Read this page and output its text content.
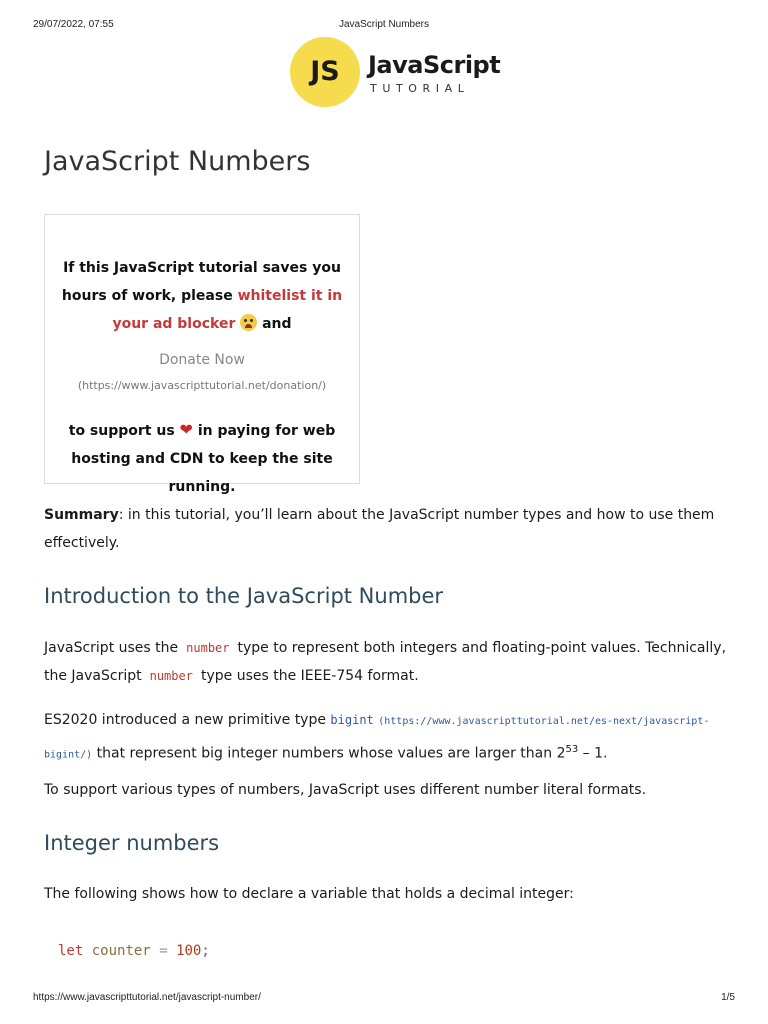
29/07/2022, 07:55	JavaScript Numbers
JS	JavaScript
TUTORIAL
JavaScript Numbers
If this JavaScript tutorial saves you
hours of work, please whitelist it in
your ad blocker  and
Donate Now
(https://www.javascripttutorial.net/donation/)
to support us ❤ in paying for web
hosting and CDN to keep the site
running.

Summary: in this tutorial, you’ll learn about the JavaScript number types and how to use them effectively.

Introduction to the JavaScript Number

JavaScript uses the number type to represent both integers and floating-point values. Technically, the JavaScript number type uses the IEEE-754 format.

ES2020 introduced a new primitive type bigint (https://www.javascripttutorial.net/es-next/javascript-bigint/) that represent big integer numbers whose values are larger than $2^{53} - 1$.

To support various types of numbers, JavaScript uses different number literal formats.

Integer numbers

The following shows how to declare a variable that holds a decimal integer:

let counter = 100;
https://www.javascripttutorial.net/javascript-number/	1/5
